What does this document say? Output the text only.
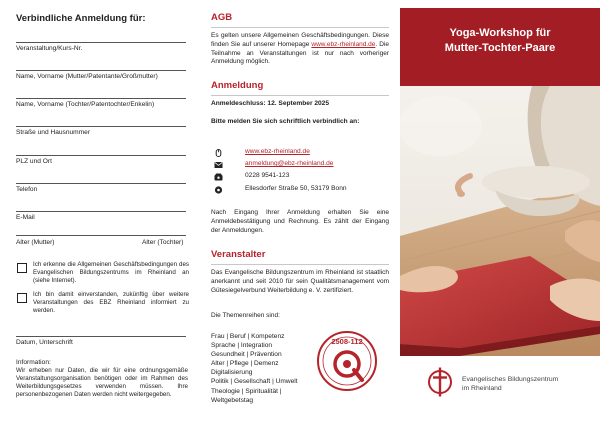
Verbindliche Anmeldung für:
Veranstaltung/Kurs-Nr.
Name, Vorname (Mutter/Patentante/Großmutter)
Name, Vorname (Tochter/Patentochter/Enkelin)
Straße und Hausnummer
PLZ und Ort
Telefon
E-Mail
Alter (Mutter)	Alter (Tochter)
Ich erkenne die Allgemeinen Geschäftsbedingungen des Evangelischen Bildungszentrums im Rheinland an (siehe Internet).
Ich bin damit einverstanden, zukünftig über weitere Veranstaltungen des EBZ Rheinland informiert zu werden.
Datum, Unterschrift
Information:
Wir erheben nur Daten, die wir für eine ordnungsgemäße Veranstaltungsorganisation benötigen oder im Rahmen des Weiterbildungsgesetzes verwenden müssen. Ihre personenbezogenen Daten werden nicht weitergegeben.
AGB
Es gelten unsere Allgemeinen Geschäftsbedingungen. Diese finden Sie auf unserer Homepage www.ebz-rheinland.de. Die Teilnahme an Veranstaltungen ist nur nach vorheriger Anmeldung möglich.
Anmeldung
Anmeldeschluss: 12. September 2025
Bitte melden Sie sich schriftlich verbindlich an:
www.ebz-rheinland.de
anmeldung@ebz-rheinland.de
0228 9541-123
Ellesdorfer Straße 50, 53179 Bonn
Nach Eingang Ihrer Anmeldung erhalten Sie eine Anmeldebestätigung und Rechnung. Es zählt der Eingang der Anmeldungen.
Veranstalter
Das Evangelische Bildungszentrum im Rheinland ist staatlich anerkannt und seit 2010 für sein Qualitätsmanagement vom Gütesiegelverbund Weiterbildung e. V. zertifiziert.
Die Themenreihen sind:
Frau | Beruf | Kompetenz
Sprache | Integration
Gesundheit | Prävention
Alter | Pflege | Demenz
Digitalisierung
Politik | Gesellschaft | Umwelt
Theologie | Spiritualität |
Weltgebetstag
2508-112
Yoga-Workshop für
Mutter-Tochter-Paare
Evangelisches Bildungszentrum
im Rheinland
